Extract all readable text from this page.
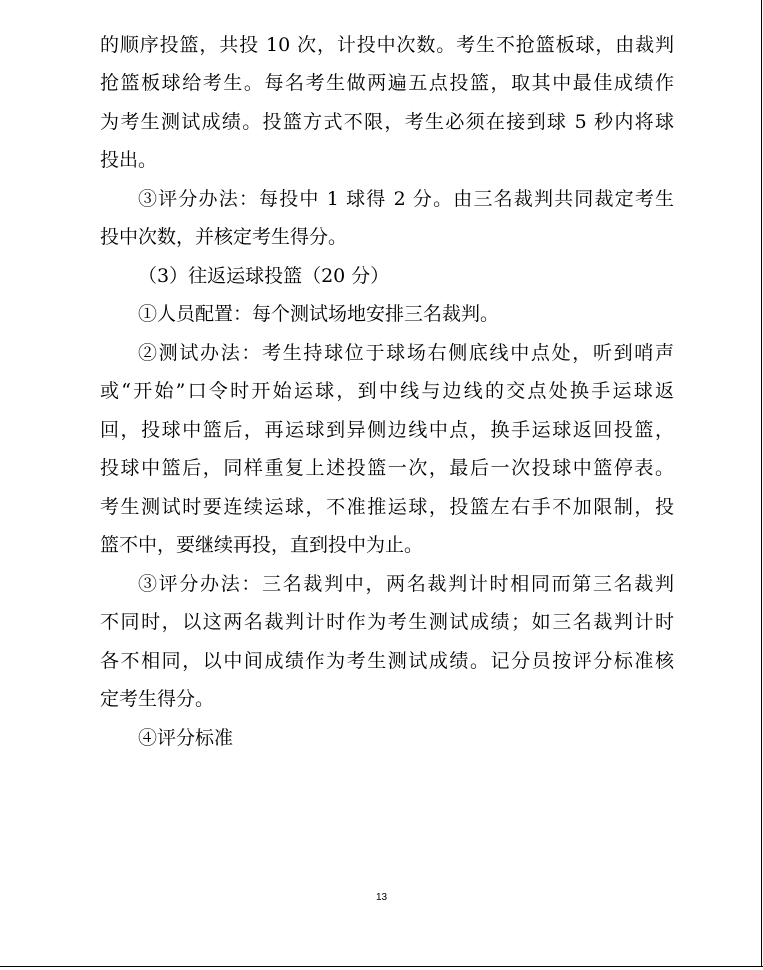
的顺序投篮，共投 10 次，计投中次数。考生不抢篮板球，由裁判
抢篮板球给考生。每名考生做两遍五点投篮，取其中最佳成绩作
为考生测试成绩。投篮方式不限，考生必须在接到球 5 秒内将球
投出。
③评分办法：每投中 1 球得 2 分。由三名裁判共同裁定考生
投中次数，并核定考生得分。
（3）往返运球投篮（20 分）
①人员配置：每个测试场地安排三名裁判。
②测试办法：考生持球位于球场右侧底线中点处，听到哨声
或“开始”口令时开始运球，到中线与边线的交点处换手运球返
回，投球中篮后，再运球到异侧边线中点，换手运球返回投篮，
投球中篮后，同样重复上述投篮一次，最后一次投球中篮停表。
考生测试时要连续运球，不准推运球，投篮左右手不加限制，投
篮不中，要继续再投，直到投中为止。
③评分办法：三名裁判中，两名裁判计时相同而第三名裁判
不同时，以这两名裁判计时作为考生测试成绩；如三名裁判计时
各不相同，以中间成绩作为考生测试成绩。记分员按评分标准核
定考生得分。
④评分标准
13
